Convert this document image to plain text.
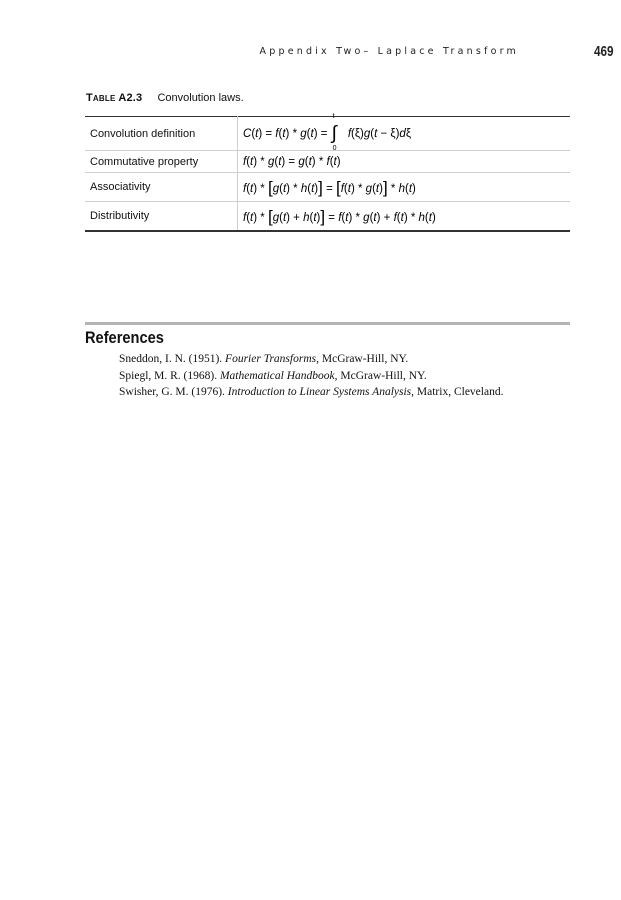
Appendix Two– Laplace Transform	469
Table A2.3 Convolution laws.
Convolution definition	C(t) = f(t) * g(t) =
t
∫
0
f(ξ)g(t − ξ)dξ
Commutative property	f(t) * g(t) = g(t) * f(t)
Associativity	f(t) * [g(t) * h(t)] = [f(t) * g(t)] * h(t)
Distributivity	f(t) * [g(t) + h(t)] = f(t) * g(t) + f(t) * h(t)
References
Sneddon, I. N. (1951). Fourier Transforms, McGraw-Hill, NY.
Spiegl, M. R. (1968). Mathematical Handbook, McGraw-Hill, NY.
Swisher, G. M. (1976). Introduction to Linear Systems Analysis, Matrix, Cleveland.
